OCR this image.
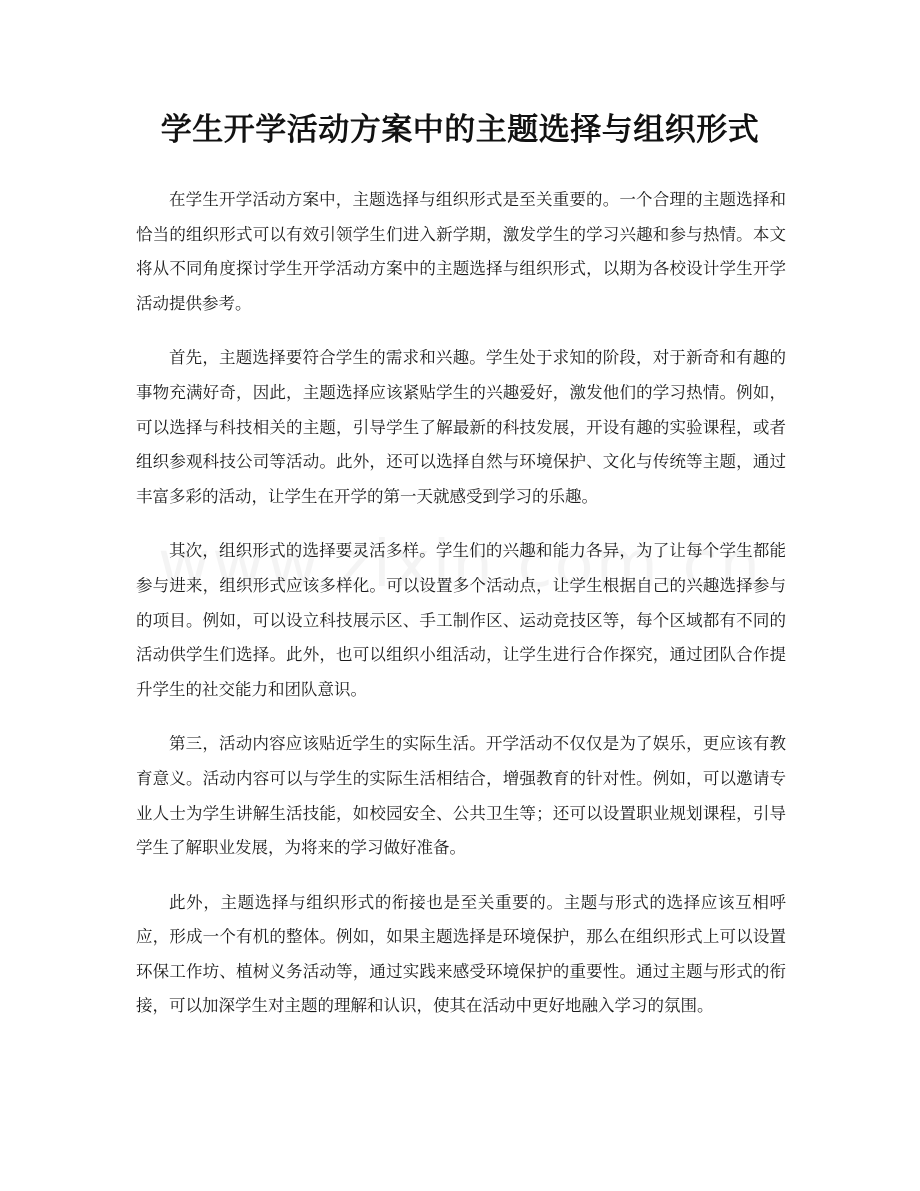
学生开学活动方案中的主题选择与组织形式

在学生开学活动方案中，主题选择与组织形式是至关重要的。一个合理的主题选择和恰当的组织形式可以有效引领学生们进入新学期，激发学生的学习兴趣和参与热情。本文将从不同角度探讨学生开学活动方案中的主题选择与组织形式，以期为各校设计学生开学活动提供参考。

首先，主题选择要符合学生的需求和兴趣。学生处于求知的阶段，对于新奇和有趣的事物充满好奇，因此，主题选择应该紧贴学生的兴趣爱好，激发他们的学习热情。例如，可以选择与科技相关的主题，引导学生了解最新的科技发展，开设有趣的实验课程，或者组织参观科技公司等活动。此外，还可以选择自然与环境保护、文化与传统等主题，通过丰富多彩的活动，让学生在开学的第一天就感受到学习的乐趣。

其次，组织形式的选择要灵活多样。学生们的兴趣和能力各异，为了让每个学生都能参与进来，组织形式应该多样化。可以设置多个活动点，让学生根据自己的兴趣选择参与的项目。例如，可以设立科技展示区、手工制作区、运动竞技区等，每个区域都有不同的活动供学生们选择。此外，也可以组织小组活动，让学生进行合作探究，通过团队合作提升学生的社交能力和团队意识。

第三，活动内容应该贴近学生的实际生活。开学活动不仅仅是为了娱乐，更应该有教育意义。活动内容可以与学生的实际生活相结合，增强教育的针对性。例如，可以邀请专业人士为学生讲解生活技能，如校园安全、公共卫生等；还可以设置职业规划课程，引导学生了解职业发展，为将来的学习做好准备。

此外，主题选择与组织形式的衔接也是至关重要的。主题与形式的选择应该互相呼应，形成一个有机的整体。例如，如果主题选择是环境保护，那么在组织形式上可以设置环保工作坊、植树义务活动等，通过实践来感受环境保护的重要性。通过主题与形式的衔接，可以加深学生对主题的理解和认识，使其在活动中更好地融入学习的氛围。
